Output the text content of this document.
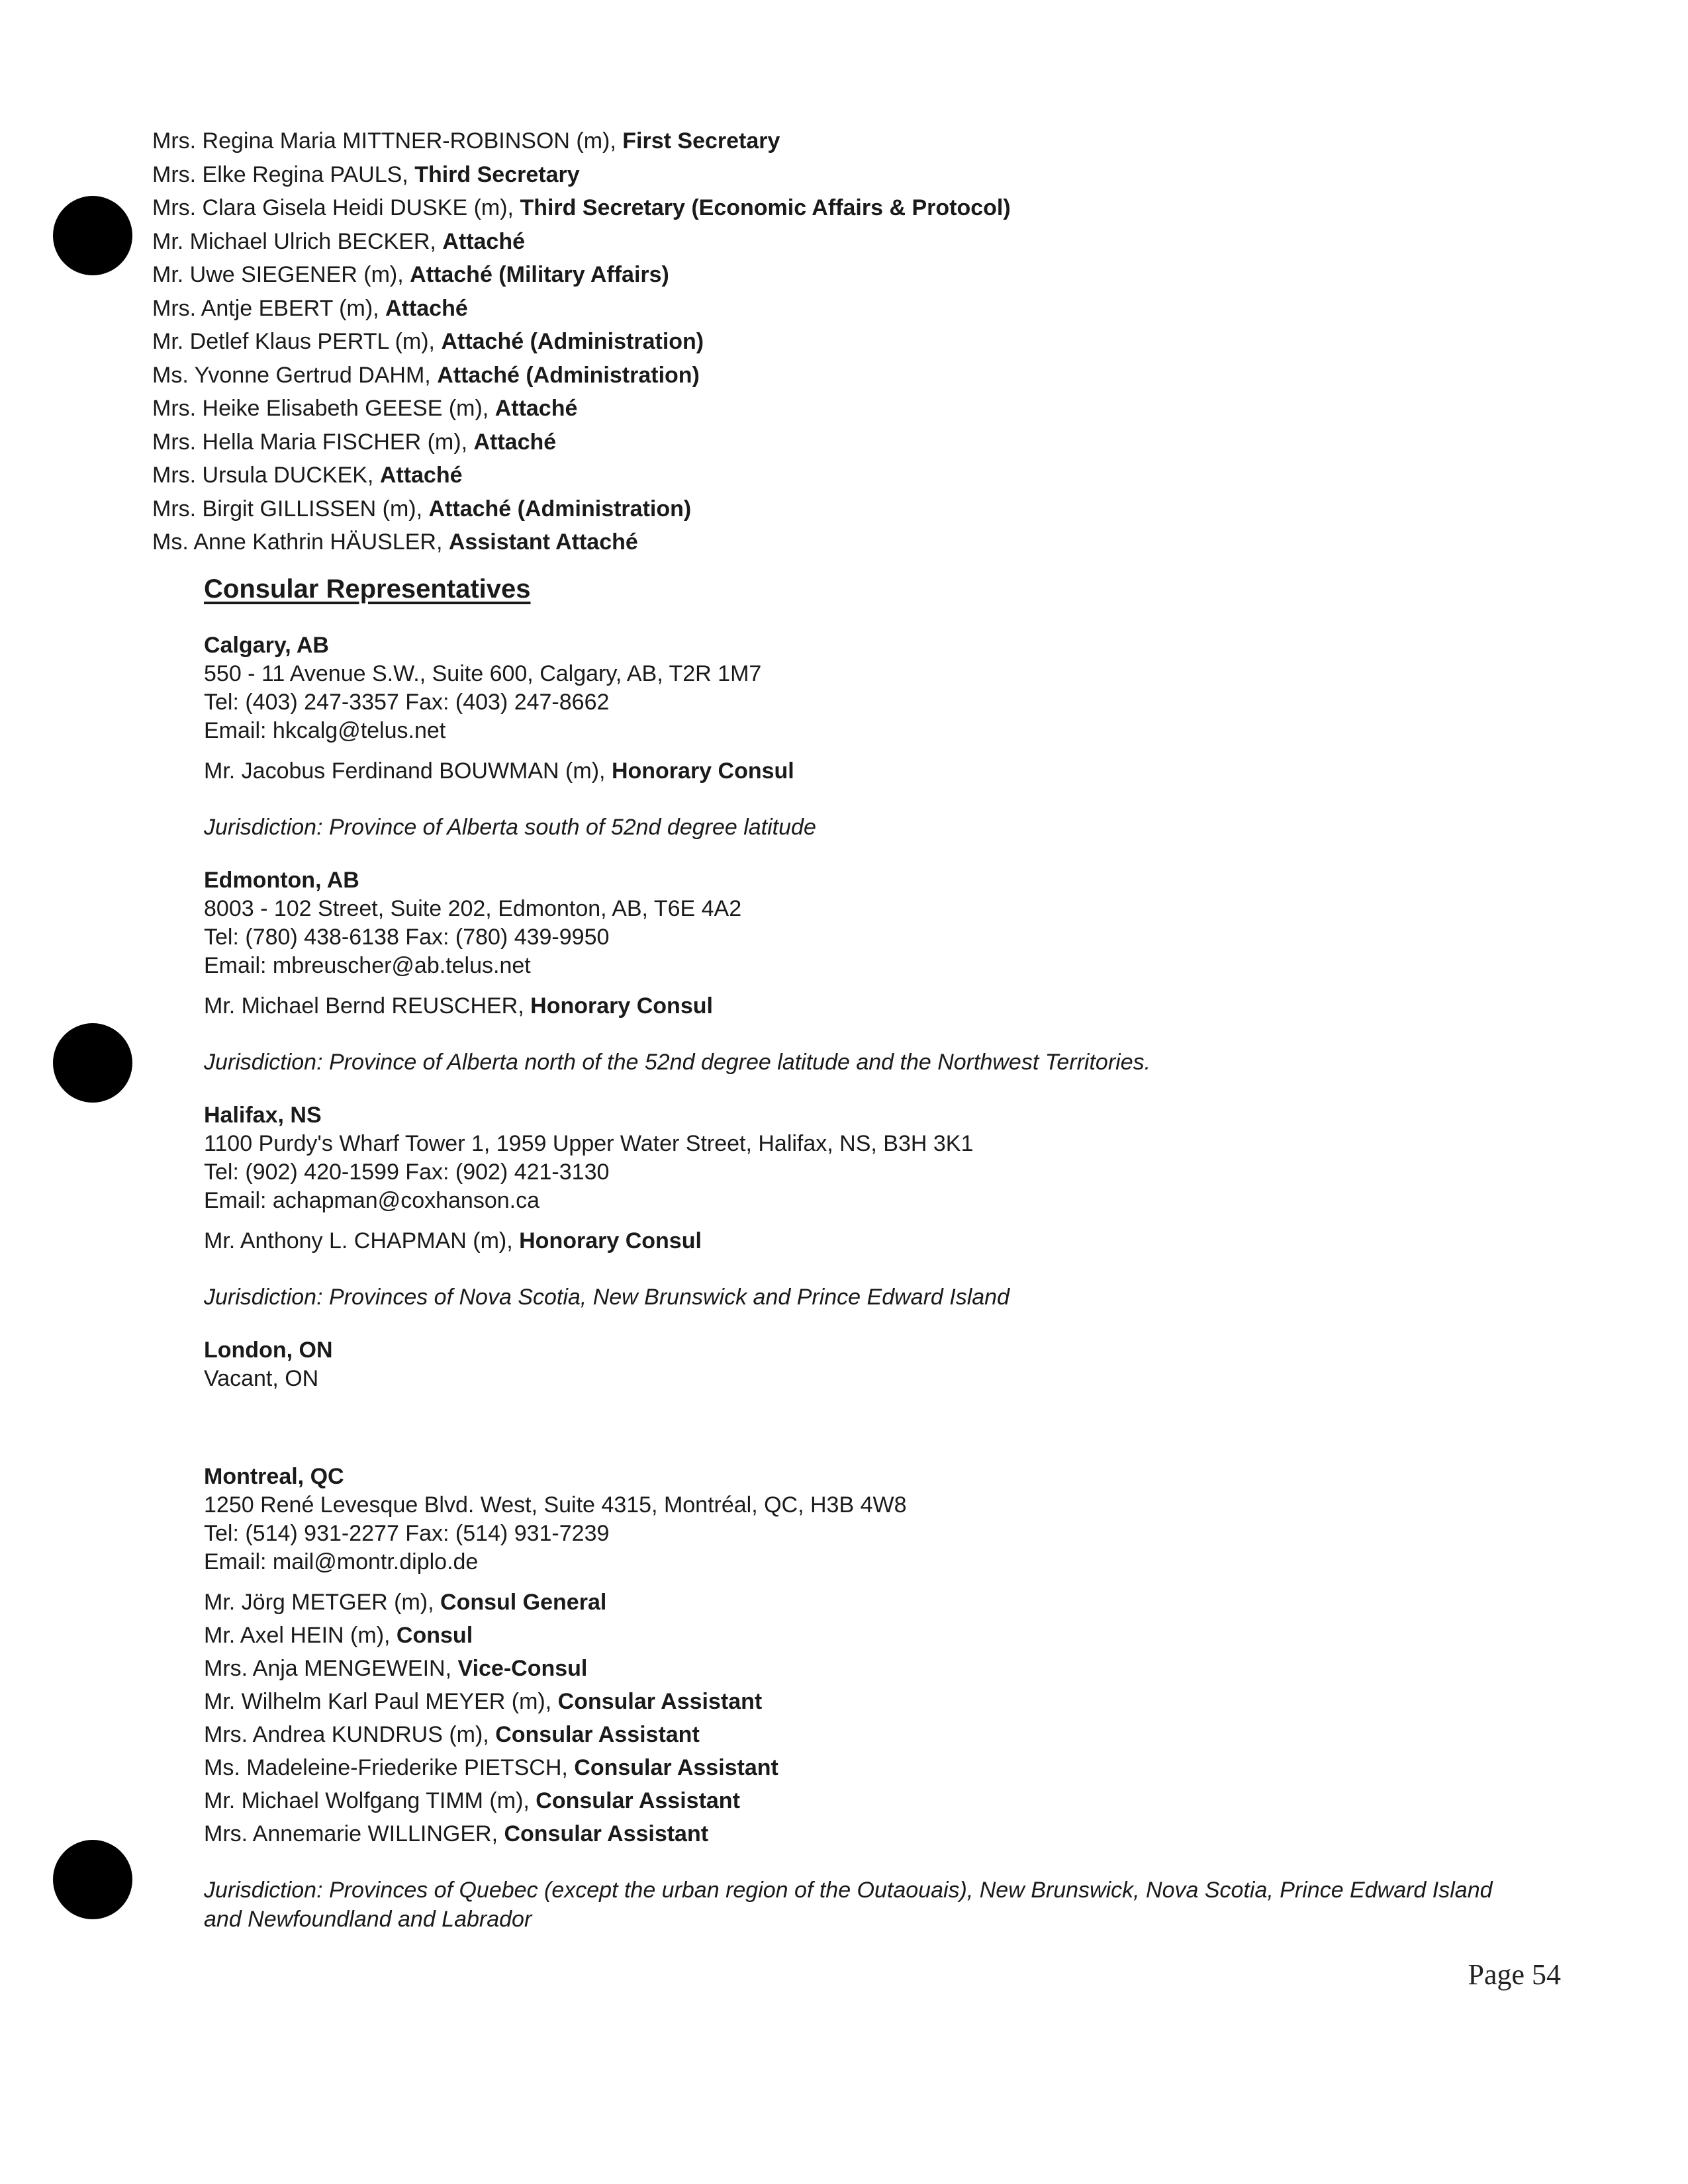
Mrs. Regina Maria MITTNER-ROBINSON (m), First Secretary
Mrs. Elke Regina PAULS, Third Secretary
Mrs. Clara Gisela Heidi DUSKE (m), Third Secretary (Economic Affairs & Protocol)
Mr. Michael Ulrich BECKER, Attaché
Mr. Uwe SIEGENER (m), Attaché (Military Affairs)
Mrs. Antje EBERT (m), Attaché
Mr. Detlef Klaus PERTL (m), Attaché (Administration)
Ms. Yvonne Gertrud DAHM, Attaché (Administration)
Mrs. Heike Elisabeth GEESE (m), Attaché
Mrs. Hella Maria FISCHER (m), Attaché
Mrs. Ursula DUCKEK, Attaché
Mrs. Birgit GILLISSEN (m), Attaché (Administration)
Ms. Anne Kathrin HÄUSLER, Assistant Attaché
Consular Representatives
Calgary, AB
550 - 11 Avenue S.W., Suite 600, Calgary, AB, T2R 1M7
Tel: (403) 247-3357 Fax: (403) 247-8662
Email: hkcalg@telus.net
Mr. Jacobus Ferdinand BOUWMAN (m), Honorary Consul
Jurisdiction: Province of Alberta south of 52nd degree latitude
Edmonton, AB
8003 - 102 Street, Suite 202, Edmonton, AB, T6E 4A2
Tel: (780) 438-6138 Fax: (780) 439-9950
Email: mbreuscher@ab.telus.net
Mr. Michael Bernd REUSCHER, Honorary Consul
Jurisdiction: Province of Alberta north of the 52nd degree latitude and the Northwest Territories.
Halifax, NS
1100 Purdy's Wharf Tower 1, 1959 Upper Water Street, Halifax, NS, B3H 3K1
Tel: (902) 420-1599 Fax: (902) 421-3130
Email: achapman@coxhanson.ca
Mr. Anthony L. CHAPMAN (m), Honorary Consul
Jurisdiction: Provinces of Nova Scotia, New Brunswick and Prince Edward Island
London, ON
Vacant, ON
Montreal, QC
1250 René Levesque Blvd. West, Suite 4315, Montréal, QC, H3B 4W8
Tel: (514) 931-2277 Fax: (514) 931-7239
Email: mail@montr.diplo.de
Mr. Jörg METGER (m), Consul General
Mr. Axel HEIN (m), Consul
Mrs. Anja MENGEWEIN, Vice-Consul
Mr. Wilhelm Karl Paul MEYER (m), Consular Assistant
Mrs. Andrea KUNDRUS (m), Consular Assistant
Ms. Madeleine-Friederike PIETSCH, Consular Assistant
Mr. Michael Wolfgang TIMM (m), Consular Assistant
Mrs. Annemarie WILLINGER, Consular Assistant
Jurisdiction: Provinces of Quebec (except the urban region of the Outaouais), New Brunswick, Nova Scotia, Prince Edward Island and Newfoundland and Labrador
Page 54
